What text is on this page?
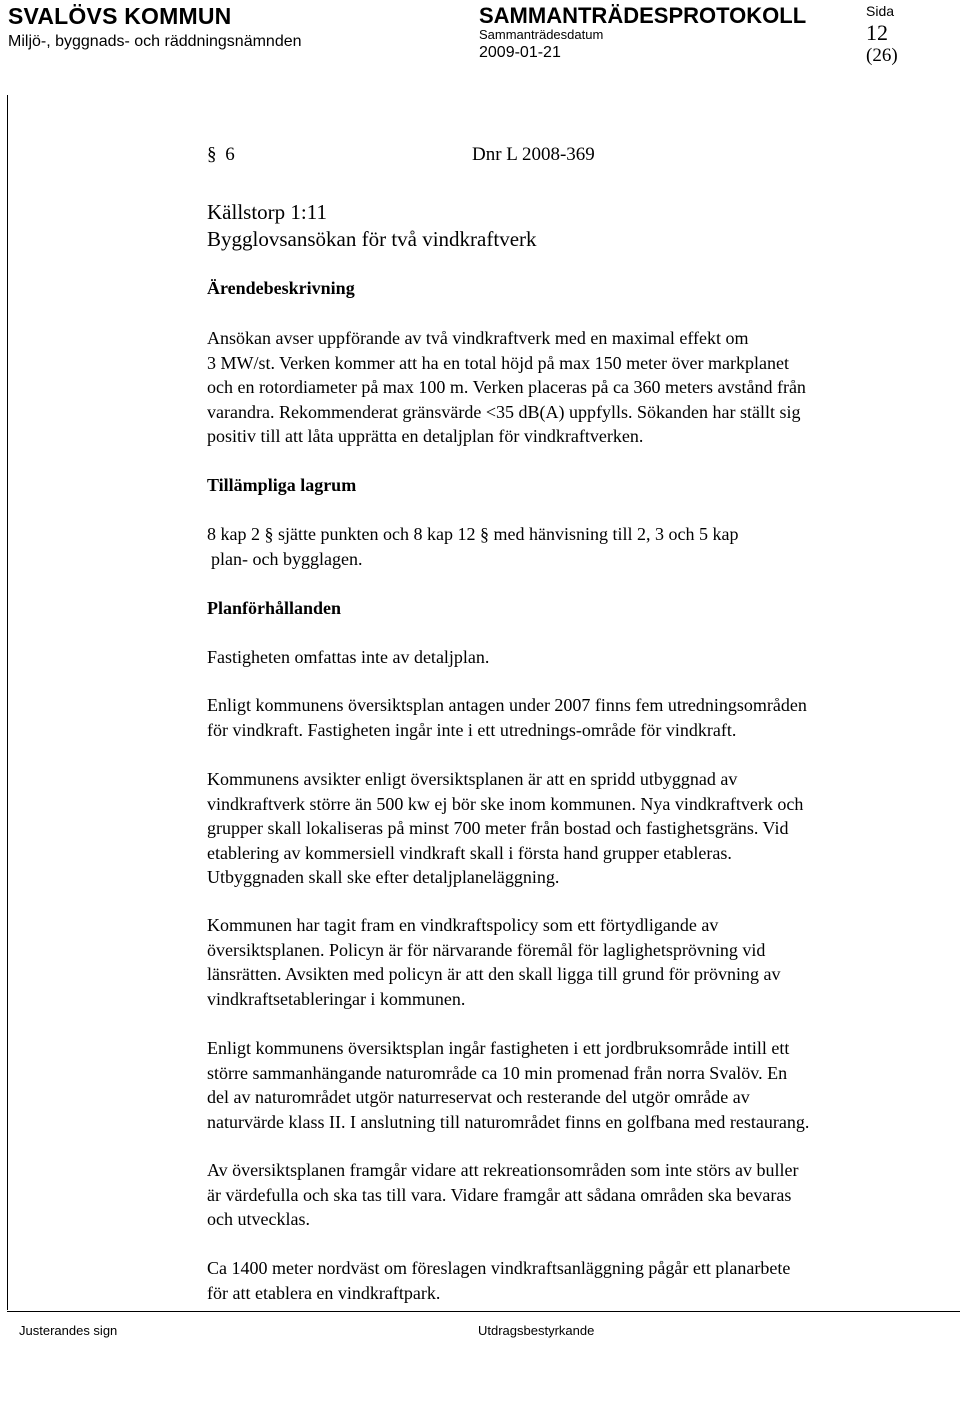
SVALÖVS KOMMUN
Miljö-, byggnads- och räddningsnämnden
SAMMANTRÄDESPROTOKOLL
Sammanträdesdatum
2009-01-21
Sida
12
(26)
§ 6	Dnr L 2008-369
Källstorp 1:11
Bygglovsansökan för två vindkraftverk
Ärendebeskrivning
Ansökan avser uppförande av två vindkraftverk med en maximal effekt om
3 MW/st. Verken kommer att ha en total höjd på max 150 meter över markplanet
och en rotordiameter på max 100 m. Verken placeras på ca 360 meters avstånd från
varandra. Rekommenderat gränsvärde <35 dB(A) uppfylls. Sökanden har ställt sig
positiv till att låta upprätta en detaljplan för vindkraftverken.
Tillämpliga lagrum
8 kap 2 § sjätte punkten och 8 kap 12 § med hänvisning till 2, 3 och 5 kap
plan- och bygglagen.
Planförhållanden
Fastigheten omfattas inte av detaljplan.
Enligt kommunens översiktsplan antagen under 2007 finns fem utredningsområden
för vindkraft. Fastigheten ingår inte i ett utrednings-område för vindkraft.
Kommunens avsikter enligt översiktsplanen är att en spridd utbyggnad av
vindkraftverk större än 500 kw ej bör ske inom kommunen. Nya vindkraftverk och
grupper skall lokaliseras på minst 700 meter från bostad och fastighetsgräns. Vid
etablering av kommersiell vindkraft skall i första hand grupper etableras.
Utbyggnaden skall ske efter detaljplaneläggning.
Kommunen har tagit fram en vindkraftspolicy som ett förtydligande av
översiktsplanen. Policyn är för närvarande föremål för laglighetsprövning vid
länsrätten. Avsikten med policyn är att den skall ligga till grund för prövning av
vindkraftsetableringar i kommunen.
Enligt kommunens översiktsplan ingår fastigheten i ett jordbruksområde intill ett
större sammanhängande naturområde ca 10 min promenad från norra Svalöv. En
del av naturområdet utgör naturreservat och resterande del utgör område av
naturvärde klass II. I anslutning till naturområdet finns en golfbana med restaurang.
Av översiktsplanen framgår vidare att rekreationsområden som inte störs av buller
är värdefulla och ska tas till vara. Vidare framgår att sådana områden ska bevaras
och utvecklas.
Ca 1400 meter nordväst om föreslagen vindkraftsanläggning pågår ett planarbete
för att etablera en vindkraftpark.
Justerandes sign	Utdragsbestyrkande
